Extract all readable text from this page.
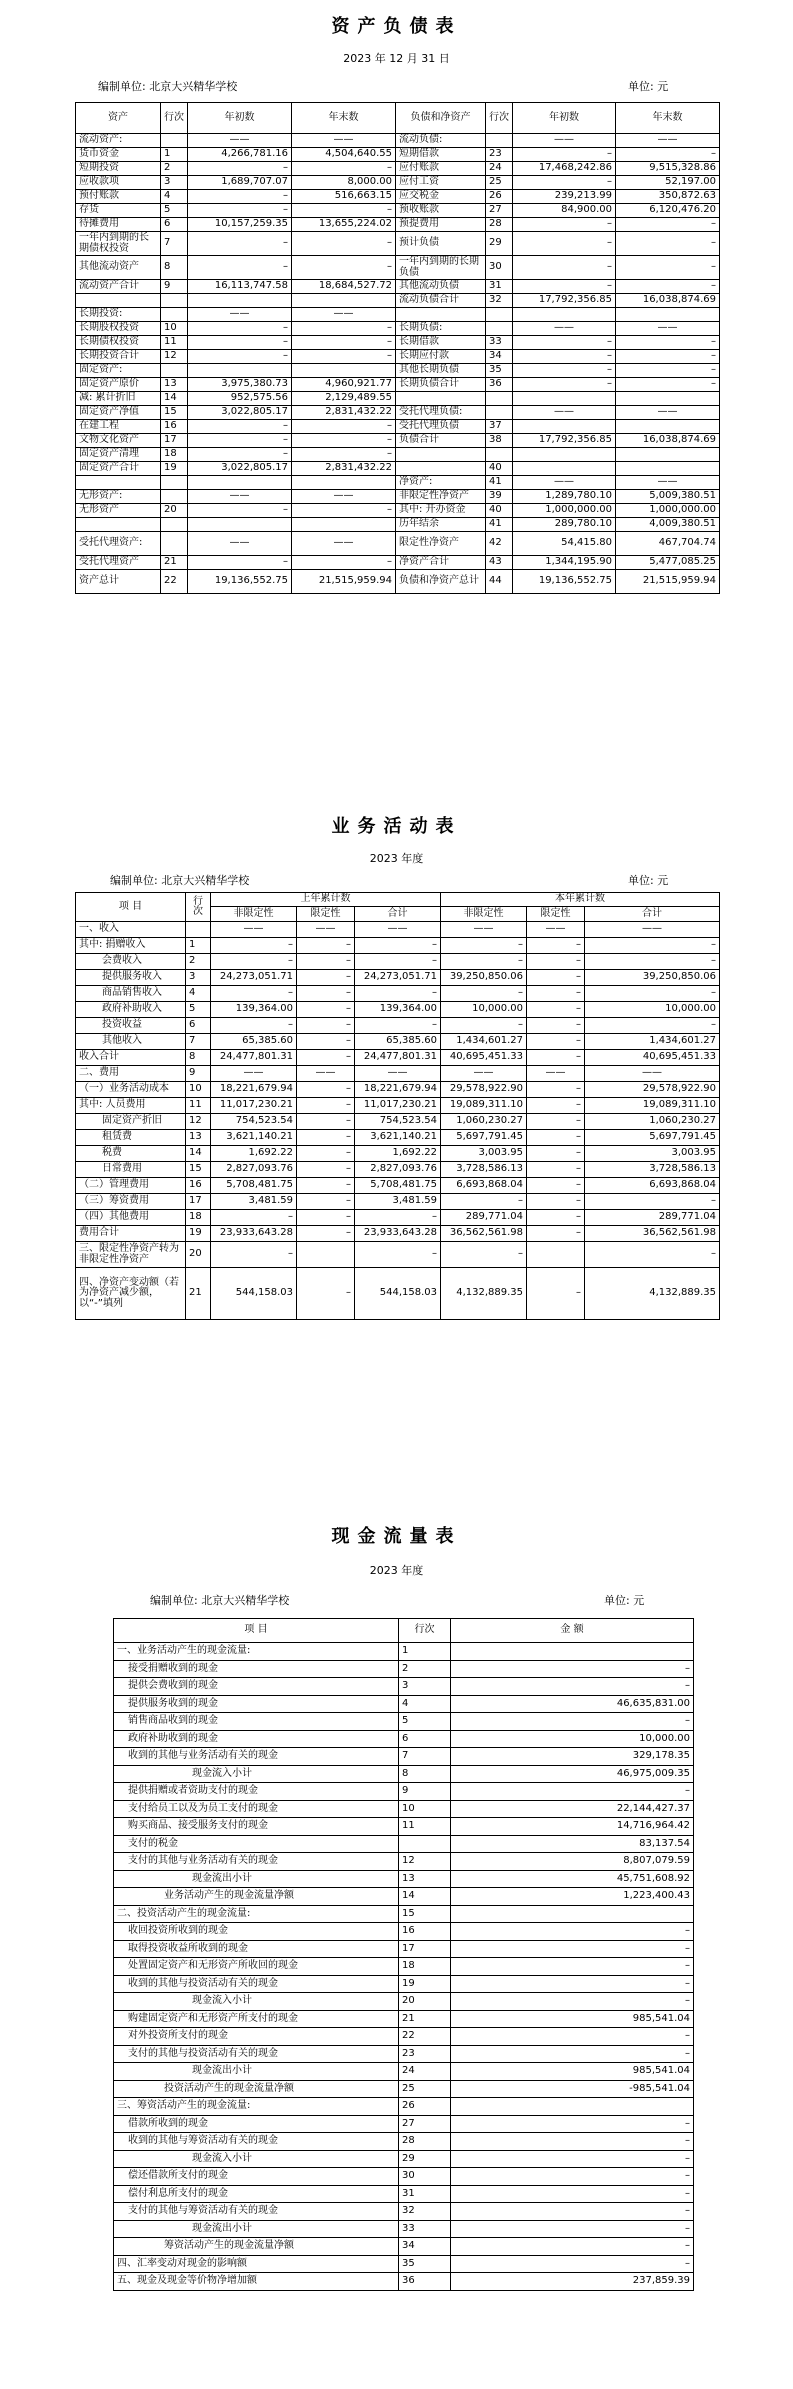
资产负债表
2023 年 12 月 31 日
编制单位: 北京大兴精华学校	单位: 元
资产	行次	年初数	年末数	负债和净资产	行次	年初数	年末数
流动资产:		——	——	流动负债:		——	——
货币资金	1	4,266,781.16	4,504,640.55	短期借款	23	–	–
短期投资	2	–	–	应付账款	24	17,468,242.86	9,515,328.86
应收款项	3	1,689,707.07	8,000.00	应付工资	25	–	52,197.00
预付账款	4	–	516,663.15	应交税金	26	239,213.99	350,872.63
存货	5	–	–	预收账款	27	84,900.00	6,120,476.20
待摊费用	6	10,157,259.35	13,655,224.02	预提费用	28	–	–
一年内到期的长期债权投资	7	–	–	预计负债	29	–	–
其他流动资产	8	–	–	一年内到期的长期负债	30	–	–
流动资产合计	9	16,113,747.58	18,684,527.72	其他流动负债	31	–	–
				流动负债合计	32	17,792,356.85	16,038,874.69
长期投资:		——	——				
长期股权投资	10	–	–	长期负债:		——	——
长期债权投资	11	–	–	长期借款	33	–	–
长期投资合计	12	–	–	长期应付款	34	–	–
固定资产:				其他长期负债	35	–	–
固定资产原价	13	3,975,380.73	4,960,921.77	长期负债合计	36	–	–
减: 累计折旧	14	952,575.56	2,129,489.55				
固定资产净值	15	3,022,805.17	2,831,432.22	受托代理负债:		——	——
在建工程	16	–	–	受托代理负债	37		
文物文化资产	17	–	–	负债合计	38	17,792,356.85	16,038,874.69
固定资产清理	18	–	–				
固定资产合计	19	3,022,805.17	2,831,432.22		40		
				净资产:	41	——	——
无形资产:		——	——	非限定性净资产	39	1,289,780.10	5,009,380.51
无形资产	20	–	–	其中: 开办资金	40	1,000,000.00	1,000,000.00
				历年结余	41	289,780.10	4,009,380.51
受托代理资产:		——	——	限定性净资产	42	54,415.80	467,704.74
受托代理资产	21	–	–	净资产合计	43	1,344,195.90	5,477,085.25
资产总计	22	19,136,552.75	21,515,959.94	负债和净资产总计	44	19,136,552.75	21,515,959.94
业务活动表
2023 年度
编制单位: 北京大兴精华学校	单位: 元
项 目	行次	上年累计数			本年累计数		
		非限定性	限定性	合计	非限定性	限定性	合计
一、收入		——	——	——	——	——	——
其中: 捐赠收入	1	–	–	–	–	–	–
会费收入	2	–	–	–	–	–	–
提供服务收入	3	24,273,051.71	–	24,273,051.71	39,250,850.06	–	39,250,850.06
商品销售收入	4	–	–	–	–	–	–
政府补助收入	5	139,364.00	–	139,364.00	10,000.00	–	10,000.00
投资收益	6	–	–	–	–	–	–
其他收入	7	65,385.60	–	65,385.60	1,434,601.27	–	1,434,601.27
收入合计	8	24,477,801.31	–	24,477,801.31	40,695,451.33	–	40,695,451.33
二、费用	9	——	——	——	——	——	——
（一）业务活动成本	10	18,221,679.94	–	18,221,679.94	29,578,922.90	–	29,578,922.90
其中: 人员费用	11	11,017,230.21	–	11,017,230.21	19,089,311.10	–	19,089,311.10
固定资产折旧	12	754,523.54	–	754,523.54	1,060,230.27	–	1,060,230.27
租赁费	13	3,621,140.21	–	3,621,140.21	5,697,791.45	–	5,697,791.45
税费	14	1,692.22	–	1,692.22	3,003.95	–	3,003.95
日常费用	15	2,827,093.76	–	2,827,093.76	3,728,586.13	–	3,728,586.13
（二）管理费用	16	5,708,481.75	–	5,708,481.75	6,693,868.04	–	6,693,868.04
（三）筹资费用	17	3,481.59	–	3,481.59	–	–	–
（四）其他费用	18	–	–	–	289,771.04	–	289,771.04
费用合计	19	23,933,643.28	–	23,933,643.28	36,562,561.98	–	36,562,561.98
三、限定性净资产转为非限定性净资产	20	–		–	–		–
四、净资产变动额（若为净资产减少额，以“-”填列	21	544,158.03	–	544,158.03	4,132,889.35	–	4,132,889.35
现金流量表
2023 年度
编制单位: 北京大兴精华学校	单位: 元
项 目	行次	金 额
一、业务活动产生的现金流量:	1	
接受捐赠收到的现金	2	–
提供会费收到的现金	3	–
提供服务收到的现金	4	46,635,831.00
销售商品收到的现金	5	–
政府补助收到的现金	6	10,000.00
收到的其他与业务活动有关的现金	7	329,178.35
现金流入小计	8	46,975,009.35
提供捐赠或者资助支付的现金	9	–
支付给员工以及为员工支付的现金	10	22,144,427.37
购买商品、接受服务支付的现金	11	14,716,964.42
支付的税金		83,137.54
支付的其他与业务活动有关的现金	12	8,807,079.59
现金流出小计	13	45,751,608.92
业务活动产生的现金流量净额	14	1,223,400.43
二、投资活动产生的现金流量:	15	
收回投资所收到的现金	16	–
取得投资收益所收到的现金	17	–
处置固定资产和无形资产所收回的现金	18	–
收到的其他与投资活动有关的现金	19	–
现金流入小计	20	–
购建固定资产和无形资产所支付的现金	21	985,541.04
对外投资所支付的现金	22	–
支付的其他与投资活动有关的现金	23	–
现金流出小计	24	985,541.04
投资活动产生的现金流量净额	25	-985,541.04
三、筹资活动产生的现金流量:	26	
借款所收到的现金	27	–
收到的其他与筹资活动有关的现金	28	–
现金流入小计	29	–
偿还借款所支付的现金	30	–
偿付利息所支付的现金	31	–
支付的其他与筹资活动有关的现金	32	–
现金流出小计	33	–
筹资活动产生的现金流量净额	34	–
四、汇率变动对现金的影响额	35	–
五、现金及现金等价物净增加额	36	237,859.39
